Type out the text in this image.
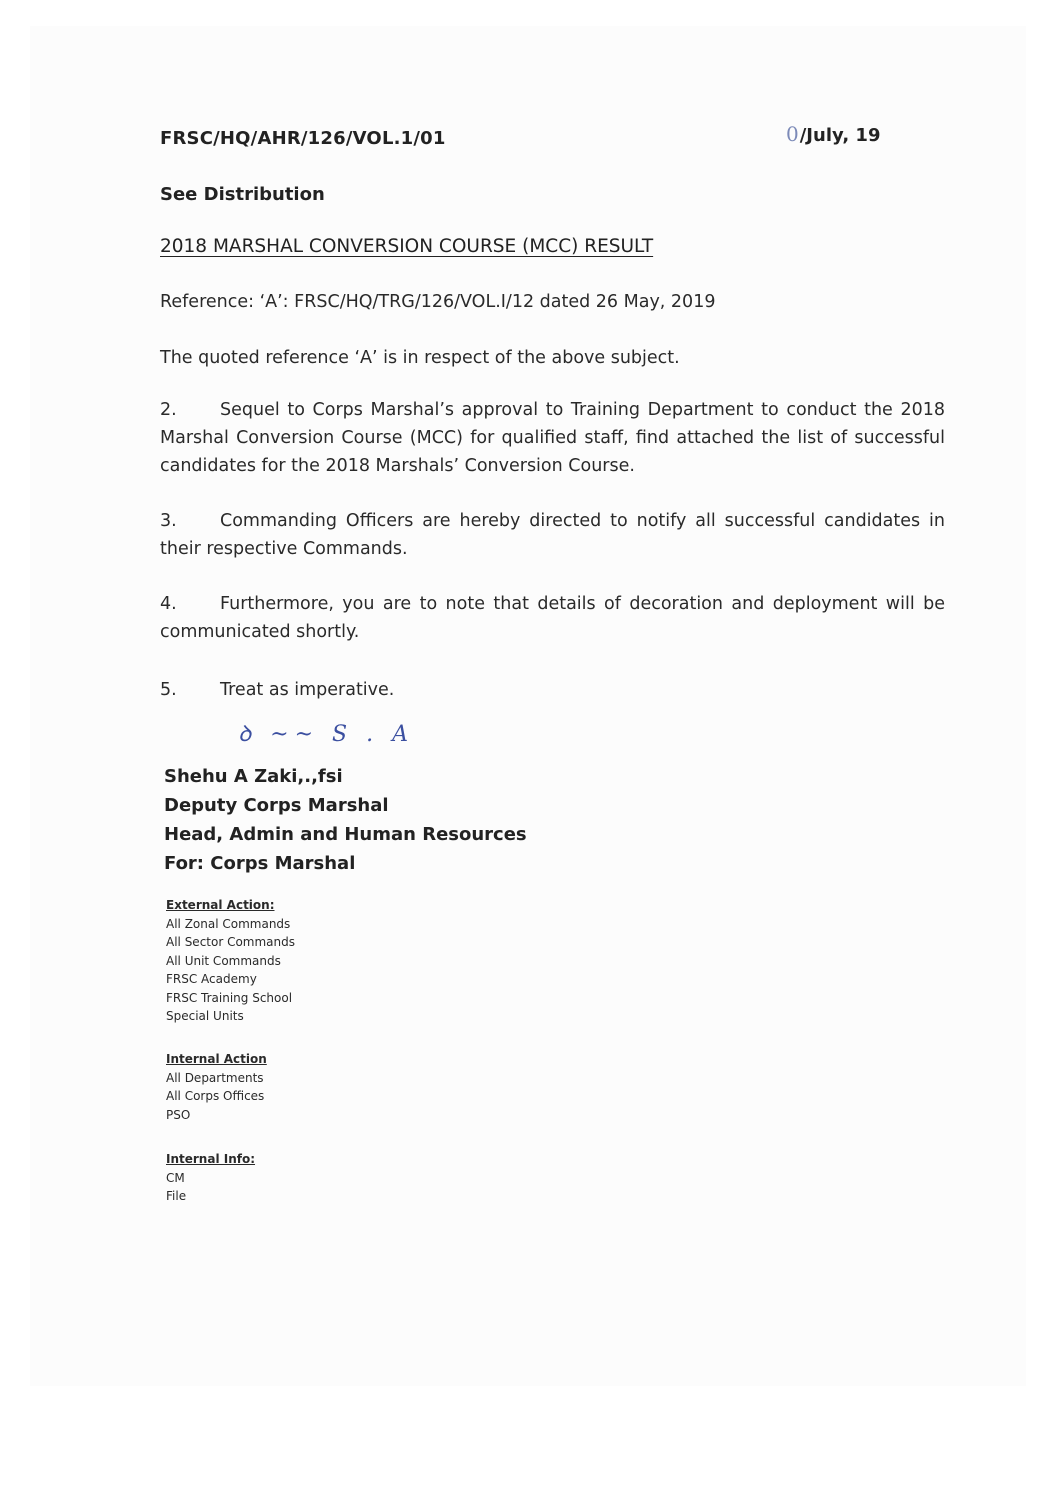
FRSC/HQ/AHR/126/VOL.1/01	0/July, 19
See Distribution
2018 MARSHAL CONVERSION COURSE (MCC) RESULT
Reference: ‘A’: FRSC/HQ/TRG/126/VOL.I/12 dated 26 May, 2019
The quoted reference ‘A’ is in respect of the above subject.
2. Sequel to Corps Marshal’s approval to Training Department to conduct the 2018 Marshal Conversion Course (MCC) for qualified staff, find attached the list of successful candidates for the 2018 Marshals’ Conversion Course.
3. Commanding Officers are hereby directed to notify all successful candidates in their respective Commands.
4. Furthermore, you are to note that details of decoration and deployment will be communicated shortly.
5. Treat as imperative.
ꝺ ~~ S . A
Shehu A Zaki,.,fsi
Deputy Corps Marshal
Head, Admin and Human Resources
For: Corps Marshal
External Action:
All Zonal Commands
All Sector Commands
All Unit Commands
FRSC Academy
FRSC Training School
Special Units
Internal Action
All Departments
All Corps Offices
PSO
Internal Info:
CM
File
